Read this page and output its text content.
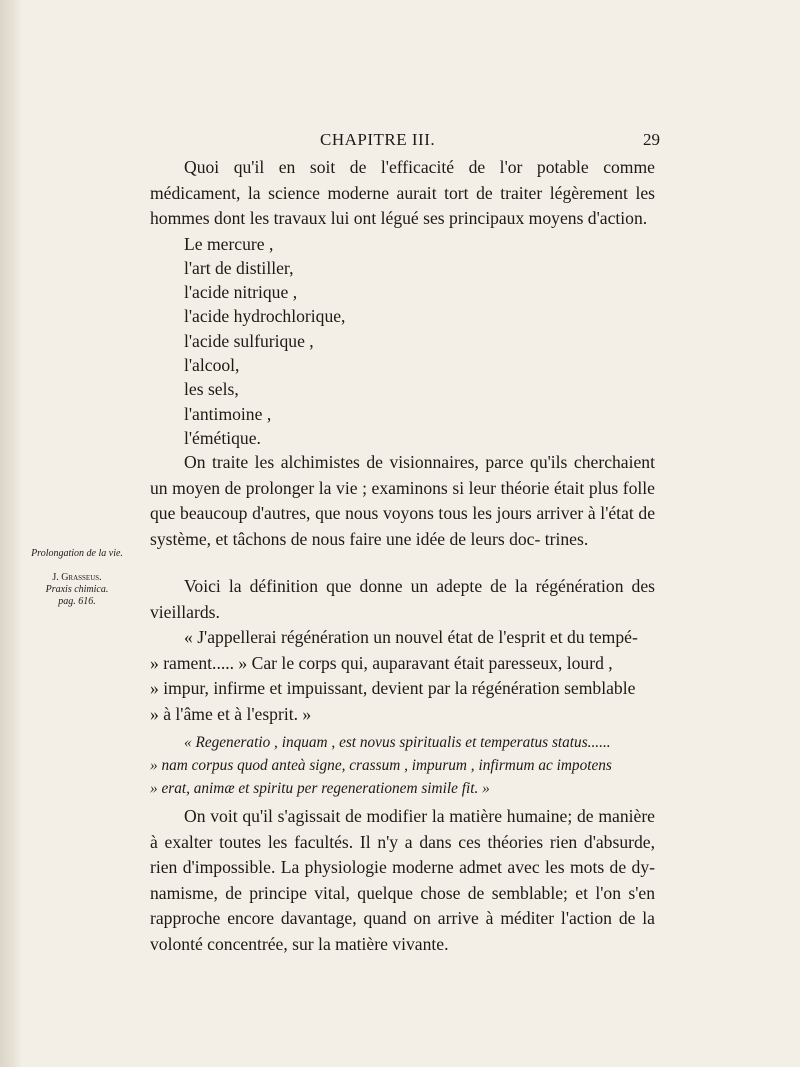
CHAPITRE III.	29
Prolongation de la vie.
J. Grasseus.
Praxis chimica.
pag. 616.

Quoi qu'il en soit de l'efficacité de l'or potable comme médicament, la science moderne aurait tort de traiter légèrement les hommes dont les travaux lui ont légué ses principaux moyens d'action.

Le mercure ,
l'art de distiller,
l'acide nitrique ,
l'acide hydrochlorique,
l'acide sulfurique ,
l'alcool,
les sels,
l'antimoine ,
l'émétique.

On traite les alchimistes de visionnaires, parce qu'ils cherchaient un moyen de prolonger la vie ; examinons si leur théorie était plus folle que beaucoup d'autres, que nous voyons tous les jours arriver à l'état de système, et tâchons de nous faire une idée de leurs doc- trines.

Voici la définition que donne un adepte de la régénération des vieillards.

« J'appellerai régénération un nouvel état de l'esprit et du tempé-

» rament..... » Car le corps qui, auparavant était paresseux, lourd ,

» impur, infirme et impuissant, devient par la régénération semblable

» à l'âme et à l'esprit. »

« Regeneratio , inquam , est novus spiritualis et temperatus status......

» nam corpus quod anteà signe, crassum , impurum , infirmum ac impotens

» erat, animæ et spiritu per regenerationem simile fit. »

On voit qu'il s'agissait de modifier la matière humaine; de manière à exalter toutes les facultés. Il n'y a dans ces théories rien d'absurde, rien d'impossible. La physiologie moderne admet avec les mots de dy- namisme, de principe vital, quelque chose de semblable; et l'on s'en rapproche encore davantage, quand on arrive à méditer l'action de la volonté concentrée, sur la matière vivante.
